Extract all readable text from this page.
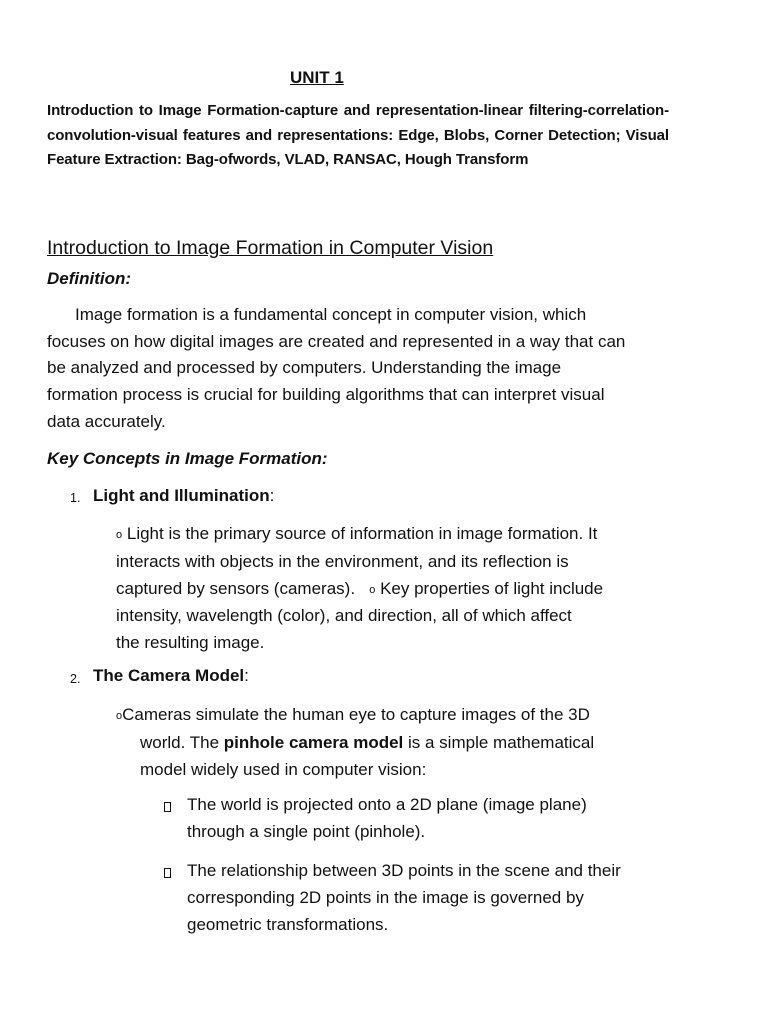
UNIT 1
Introduction to Image Formation-capture and representation-linear filtering-correlation-convolution-visual features and representations: Edge, Blobs, Corner Detection; Visual Feature Extraction: Bag-ofwords, VLAD, RANSAC, Hough Transform
Introduction to Image Formation in Computer Vision
Definition:
Image formation is a fundamental concept in computer vision, which
focuses on how digital images are created and represented in a way that can
be analyzed and processed by computers. Understanding the image
formation process is crucial for building algorithms that can interpret visual
data accurately.
Key Concepts in Image Formation:
1. Light and Illumination:
o Light is the primary source of information in image formation. It
interacts with objects in the environment, and its reflection is
captured by sensors (cameras). o Key properties of light include
intensity, wavelength (color), and direction, all of which affect
the resulting image.
2. The Camera Model:
oCameras simulate the human eye to capture images of the 3D
world. The pinhole camera model is a simple mathematical
model widely used in computer vision:
The world is projected onto a 2D plane (image plane)
through a single point (pinhole).
The relationship between 3D points in the scene and their
corresponding 2D points in the image is governed by
geometric transformations.
